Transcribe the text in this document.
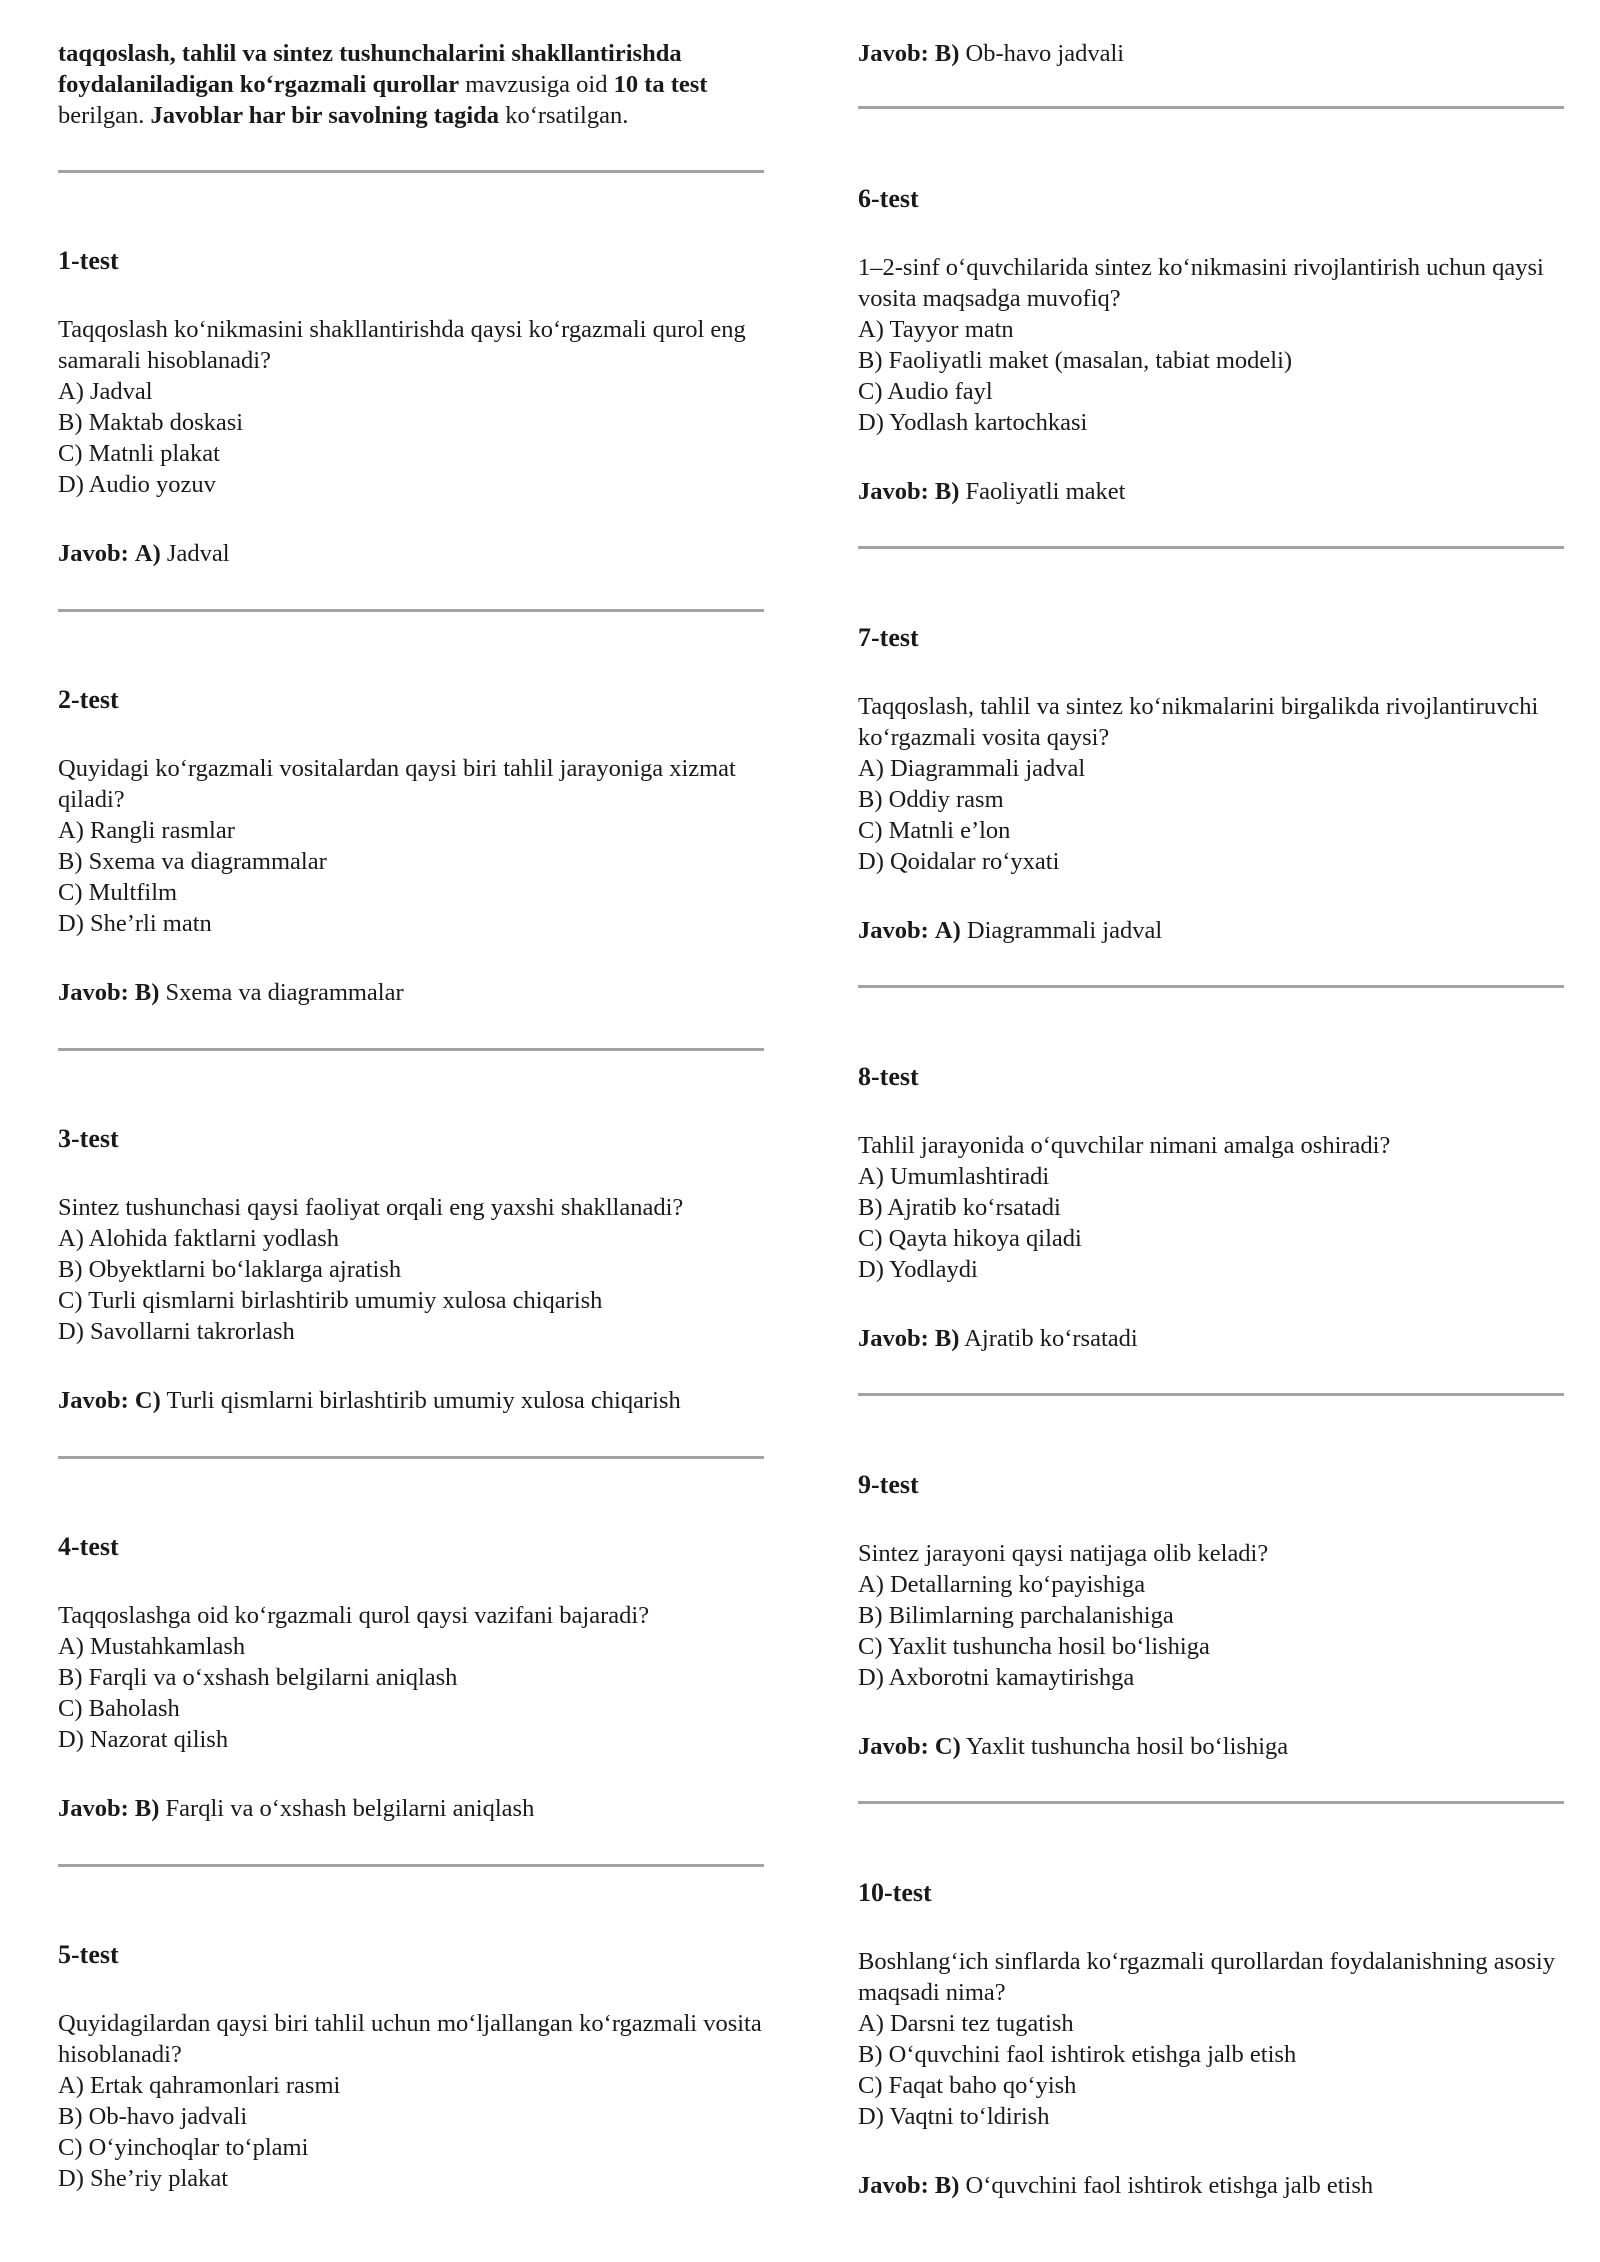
taqqoslash, tahlil va sintez tushunchalarini shakllantirishda foydalaniladigan ko‘rgazmali qurollar mavzusiga oid 10 ta test berilgan. Javoblar har bir savolning tagida ko‘rsatilgan.
1-test

Taqqoslash ko‘nikmasini shakllantirishda qaysi ko‘rgazmali qurol eng samarali hisoblanadi?

A) Jadval
B) Maktab doskasi
C) Matnli plakat
D) Audio yozuv

Javob: A) Jadval

2-test

Quyidagi ko‘rgazmali vositalardan qaysi biri tahlil jarayoniga xizmat qiladi?

A) Rangli rasmlar
B) Sxema va diagrammalar
C) Multfilm
D) She’rli matn

Javob: B) Sxema va diagrammalar

3-test

Sintez tushunchasi qaysi faoliyat orqali eng yaxshi shakllanadi?

A) Alohida faktlarni yodlash
B) Obyektlarni bo‘laklarga ajratish
C) Turli qismlarni birlashtirib umumiy xulosa chiqarish
D) Savollarni takrorlash

Javob: C) Turli qismlarni birlashtirib umumiy xulosa chiqarish

4-test

Taqqoslashga oid ko‘rgazmali qurol qaysi vazifani bajaradi?

A) Mustahkamlash
B) Farqli va o‘xshash belgilarni aniqlash
C) Baholash
D) Nazorat qilish

Javob: B) Farqli va o‘xshash belgilarni aniqlash

5-test

Quyidagilardan qaysi biri tahlil uchun mo‘ljallangan ko‘rgazmali vosita hisoblanadi?

A) Ertak qahramonlari rasmi
B) Ob-havo jadvali
C) O‘yinchoqlar to‘plami
D) She’riy plakat

Javob: B) Ob-havo jadvali

6-test

1–2-sinf o‘quvchilarida sintez ko‘nikmasini rivojlantirish uchun qaysi vosita maqsadga muvofiq?

A) Tayyor matn
B) Faoliyatli maket (masalan, tabiat modeli)
C) Audio fayl
D) Yodlash kartochkasi

Javob: B) Faoliyatli maket

7-test

Taqqoslash, tahlil va sintez ko‘nikmalarini birgalikda rivojlantiruvchi ko‘rgazmali vosita qaysi?

A) Diagrammali jadval
B) Oddiy rasm
C) Matnli e’lon
D) Qoidalar ro‘yxati

Javob: A) Diagrammali jadval

8-test

Tahlil jarayonida o‘quvchilar nimani amalga oshiradi?

A) Umumlashtiradi
B) Ajratib ko‘rsatadi
C) Qayta hikoya qiladi
D) Yodlaydi

Javob: B) Ajratib ko‘rsatadi

9-test

Sintez jarayoni qaysi natijaga olib keladi?

A) Detallarning ko‘payishiga
B) Bilimlarning parchalanishiga
C) Yaxlit tushuncha hosil bo‘lishiga
D) Axborotni kamaytirishga

Javob: C) Yaxlit tushuncha hosil bo‘lishiga

10-test

Boshlang‘ich sinflarda ko‘rgazmali qurollardan foydalanishning asosiy maqsadi nima?

A) Darsni tez tugatish
B) O‘quvchini faol ishtirok etishga jalb etish
C) Faqat baho qo‘yish
D) Vaqtni to‘ldirish

Javob: B) O‘quvchini faol ishtirok etishga jalb etish
